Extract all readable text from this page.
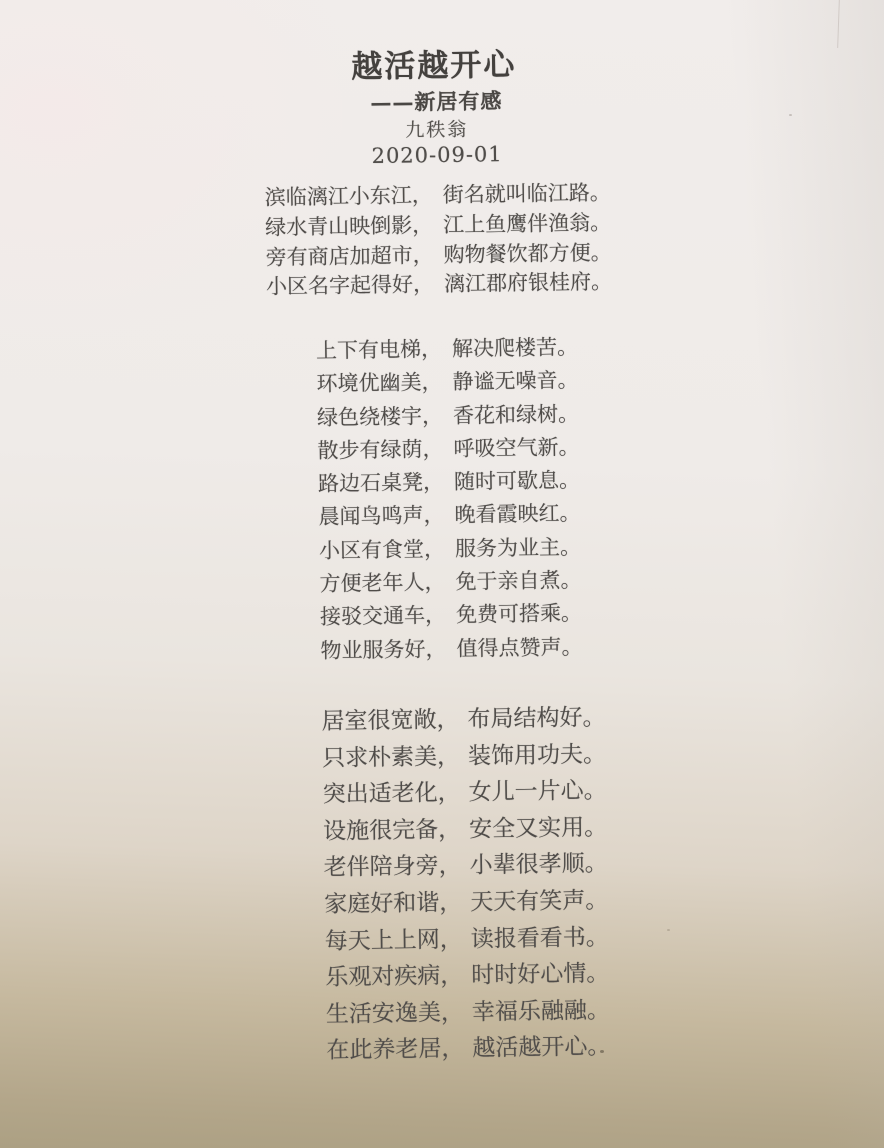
越活越开心
——新居有感
九秩翁
2020-09-01
滨临漓江小东江， 街名就叫临江路。
绿水青山映倒影， 江上鱼鹰伴渔翁。
旁有商店加超市， 购物餐饮都方便。
小区名字起得好， 漓江郡府银桂府。
上下有电梯， 解决爬楼苦。
环境优幽美， 静谧无噪音。
绿色绕楼宇， 香花和绿树。
散步有绿荫， 呼吸空气新。
路边石桌凳， 随时可歇息。
晨闻鸟鸣声， 晚看霞映红。
小区有食堂， 服务为业主。
方便老年人， 免于亲自煮。
接驳交通车， 免费可搭乘。
物业服务好， 值得点赞声。
居室很宽敞， 布局结构好。
只求朴素美， 装饰用功夫。
突出适老化， 女儿一片心。
设施很完备， 安全又实用。
老伴陪身旁， 小辈很孝顺。
家庭好和谐， 天天有笑声。
每天上上网， 读报看看书。
乐观对疾病， 时时好心情。
生活安逸美， 幸福乐融融。
在此养老居， 越活越开心。
